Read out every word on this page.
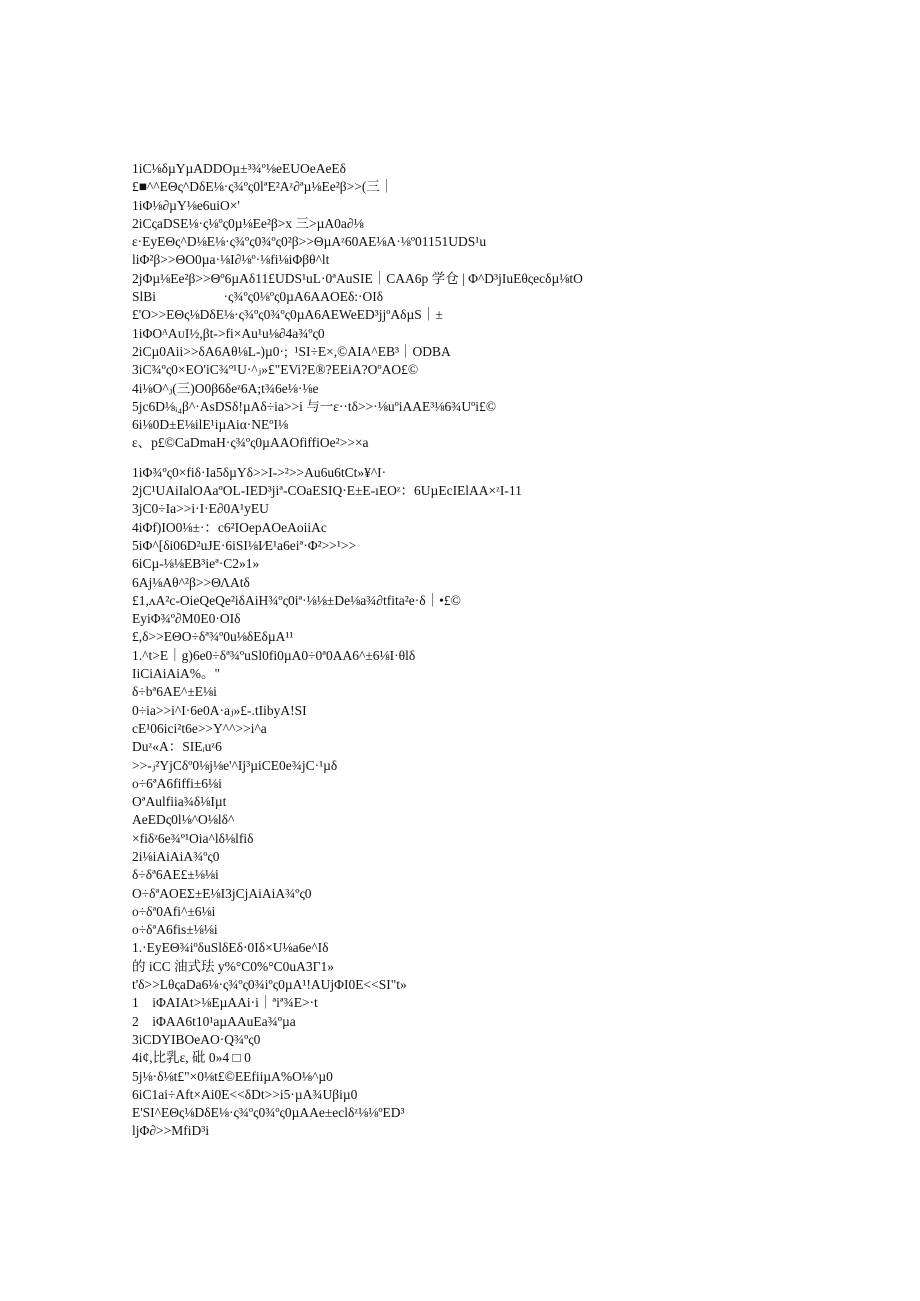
1iC⅛δµYµADDOµ±³¾º⅛eEUOeAeEδ
£■^^EΘς^DδE⅛·ς¾ºς0lªE²Aᶻ∂ªµ⅛Ee²β>>(三｜
1iΦ⅛∂µY⅛e6uiO×'
2iCςaDSE⅛·ς⅛ºς0µ⅛Ee²β>x 三>µA0a∂⅛
ε·EyEΘς^D⅛E⅛·ς¾ºς0¾ºς0²β>>ΘµAᶻ60AE⅛A·⅛º01151UDS¹u
liΦ²β>>ΘO0µa·⅛I∂⅛º·⅛fi⅛iΦβθ^lt
2jΦµ⅛Ee²β>>Θº6µAδ11£UDS¹uL·0ªAuSIE｜CAA6p 学仓 | Φ^D³jIuEθςecδµ⅛tO
SlBi                    ·ς¾ºς0⅛ºς0µA6AAOEδ:·OIδ
£'O>>EΘς⅛DδE⅛·ς¾ºς0¾ºς0µA6AEWeED³jjºAδµS｜±
1iΦOᴬAᴜI½,βt->fi×Au¹u⅛∂4a¾ºς0
2iCµ0Aii>>δA6Aθ⅛L-)µ0·;  ¹SI÷E×,©AIA^EB³｜ODBA
3iC¾ºς0×EO'iC¾º¹U·^ⱼ»£"EVi?E®?EEiA?OºAO£©
4i⅛O^ⱼ(三)O0β6δeᶻ6A;t¾6e⅛·⅛e
5jc6D⅛ᵢ₄β^·AsDSδ!µAδ÷ia>>i 与一ε··tδ>>·⅛uºiAAE³⅛6¾Uºi£©
6i⅛0D±E⅛ilE¹iµAiα·NEºI⅛
ε、p£©CaDmaH·ς¾ºς0µAAOfiffiOe²>>×a
1iΦ¾ºς0×fiδ·Ia5δµYδ>>I->²>>Au6u6tCt»¥^I·
2jC¹UAiIalOAaºOL-IED³jiª-COaESIQ·E±E-ıEOᶻ：6UµEcIElAA×ᶻI-11
3jC0÷Ia>>i·I·E∂0A¹yEU
4iΦf)IO0⅛±·：c6²IOepAOeAoiiAc
5iΦ^[δi06D²uJE·6iSI⅛I∕E¹a6eiª·Φ²>>¹>>
6iCµ-⅛⅛EB³ieª·C2»1»
6Aj⅛Aθ^²β>>ΘΛAtδ
£1,ᴧA²c-OieQeQe²iδAiH¾ºς0iª·⅛⅛±De⅛a¾∂tfita²e·δ｜•£©
EyiΦ¾º∂M0E0·OIδ
£,δ>>EΘO÷δª¾º0u⅛δEδµA¹¹
1.^t>E｜g)6e0÷δª¾ºuSl0fi0µA0÷0ª0AA6^±6⅛I·θlδ
IiCiAiAiA%。"
δ÷bª6AE^±E⅛i
0÷ia>>i^I·6e0A·aⱼ»£-.tIibyA!SI
cE¹06ici²t6e>>Y^^>>i^a
Duᶻ«A：SIEᵢuᶻ6
>>-ⱼ²YjCδº0⅛j⅛e'^Ij³µiCE0e¾jC·¹µδ
o÷6ªA6fiffi±6⅛i
OªAulfiia¾δ⅛Iµt
AeEDς0l⅛^O⅛lδ^
×fiδᶻ6e¾º¹Oia^lδ⅛lfiδ
2i⅛iAiAiA¾ºς0
δ÷δª6AE£±⅛⅛i
O÷δªAOEΣ±E⅛I3jCjAiAiA¾ºς0
o÷δª0Afi^±6⅛i
o÷δªA6fis±⅛⅛i
1.·EyEΘ¾iºδuSlδEδ·0Iδ×U⅛a6e^Iδ
的 iCC 油式珐 y%°C0%°C0uA3Γ1»
t'δ>>LθςaDa6⅛·ς¾ºς0¾iºς0µA¹!AUjΦI0E<<SI"t»
1    iΦAIAt>⅛EµAAi·i｜ªiª¾E>·t
2    iΦAA6t10¹aµAAuEa¾ºµa
3iCDYIBOeAO·Q¾ºς0
4i¢,比乳ε, 砒 0»4 □ 0
5j⅛·δ⅛t£"×0⅛t£©EEfiiµA%O⅛^µ0
6iC1ai÷Aft×Ai0E<<δDt>>i5·µA¾Uβiµ0
E'SI^EΘς⅛DδE⅛·ς¾ºς0¾ºς0µAAe±eclδᶻ⅛⅛ºED³
ljΦ∂>>MfiD³i
